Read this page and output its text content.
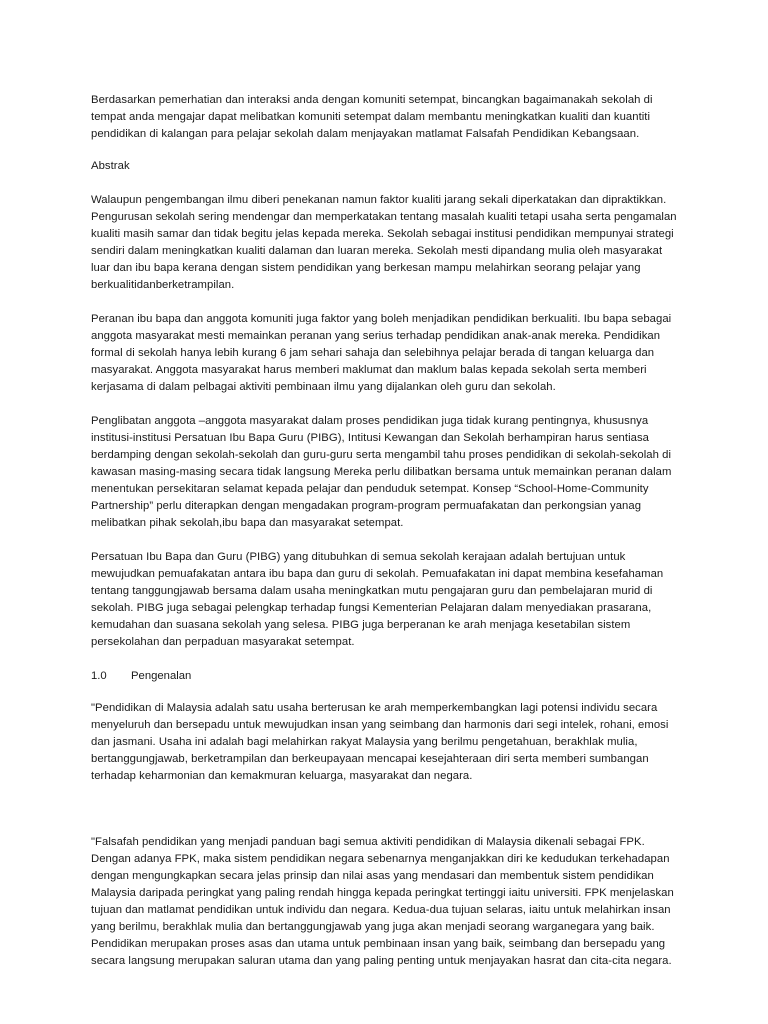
Berdasarkan pemerhatian dan interaksi anda dengan komuniti setempat, bincangkan bagaimanakah sekolah di tempat anda mengajar dapat melibatkan komuniti setempat dalam membantu meningkatkan kualiti dan kuantiti pendidikan di kalangan para pelajar sekolah dalam menjayakan matlamat Falsafah Pendidikan Kebangsaan.

Abstrak

Walaupun pengembangan ilmu diberi penekanan namun faktor kualiti jarang sekali diperkatakan dan dipraktikkan. Pengurusan sekolah sering mendengar dan memperkatakan tentang masalah kualiti tetapi usaha serta pengamalan kualiti masih samar dan tidak begitu jelas kepada mereka. Sekolah sebagai institusi pendidikan mempunyai strategi sendiri dalam meningkatkan kualiti dalaman dan luaran mereka. Sekolah mesti dipandang mulia oleh masyarakat luar dan ibu bapa kerana dengan sistem pendidikan yang berkesan mampu melahirkan seorang pelajar yang berkualitidanberketrampilan.

Peranan ibu bapa dan anggota komuniti juga faktor yang boleh menjadikan pendidikan berkualiti. Ibu bapa sebagai anggota masyarakat mesti memainkan peranan yang serius terhadap pendidikan anak-anak mereka. Pendidikan formal di sekolah hanya lebih kurang 6 jam sehari sahaja dan selebihnya pelajar berada di tangan keluarga dan masyarakat. Anggota masyarakat harus memberi maklumat dan maklum balas kepada sekolah serta memberi kerjasama di dalam pelbagai aktiviti pembinaan ilmu yang dijalankan oleh guru dan sekolah.

Penglibatan anggota –anggota masyarakat dalam proses pendidikan juga tidak kurang pentingnya, khususnya institusi-institusi Persatuan Ibu Bapa Guru (PIBG), Intitusi Kewangan dan Sekolah berhampiran harus sentiasa berdamping dengan sekolah-sekolah dan guru-guru serta mengambil tahu proses pendidikan di sekolah-sekolah di kawasan masing-masing secara tidak langsung Mereka perlu dilibatkan bersama untuk memainkan peranan dalam menentukan persekitaran selamat kepada pelajar dan penduduk setempat. Konsep “School-Home-Community Partnership” perlu diterapkan dengan mengadakan program-program permuafakatan dan perkongsian yanag melibatkan pihak sekolah,ibu bapa dan masyarakat setempat.

Persatuan Ibu Bapa dan Guru (PIBG) yang ditubuhkan di semua sekolah kerajaan adalah bertujuan untuk mewujudkan pemuafakatan antara ibu bapa dan guru di sekolah. Pemuafakatan ini dapat membina kesefahaman tentang tanggungjawab bersama dalam usaha meningkatkan mutu pengajaran guru dan pembelajaran murid di sekolah. PIBG juga sebagai pelengkap terhadap fungsi Kementerian Pelajaran dalam menyediakan prasarana, kemudahan dan suasana sekolah yang selesa. PIBG juga berperanan ke arah menjaga kesetabilan sistem persekolahan dan perpaduan masyarakat setempat.

1.0	Pengenalan

"Pendidikan di Malaysia adalah satu usaha berterusan ke arah memperkembangkan lagi potensi individu secara menyeluruh dan bersepadu untuk mewujudkan insan yang seimbang dan harmonis dari segi intelek, rohani, emosi dan jasmani. Usaha ini adalah bagi melahirkan rakyat Malaysia yang berilmu pengetahuan, berakhlak mulia, bertanggungjawab, berketrampilan dan berkeupayaan mencapai kesejahteraan diri serta memberi sumbangan terhadap keharmonian dan kemakmuran keluarga, masyarakat dan negara.

"Falsafah pendidikan yang menjadi panduan bagi semua aktiviti pendidikan di Malaysia dikenali sebagai FPK. Dengan adanya FPK, maka sistem pendidikan negara sebenarnya menganjakkan diri ke kedudukan terkehadapan dengan mengungkapkan secara jelas prinsip dan nilai asas yang mendasari dan membentuk sistem pendidikan Malaysia daripada peringkat yang paling rendah hingga kepada peringkat tertinggi iaitu universiti. FPK menjelaskan tujuan dan matlamat pendidikan untuk individu dan negara. Kedua-dua tujuan selaras, iaitu untuk melahirkan insan yang berilmu, berakhlak mulia dan bertanggungjawab yang juga akan menjadi seorang warganegara yang baik. Pendidikan merupakan proses asas dan utama untuk pembinaan insan yang baik, seimbang dan bersepadu yang secara langsung merupakan saluran utama dan yang paling penting untuk menjayakan hasrat dan cita-cita negara.
